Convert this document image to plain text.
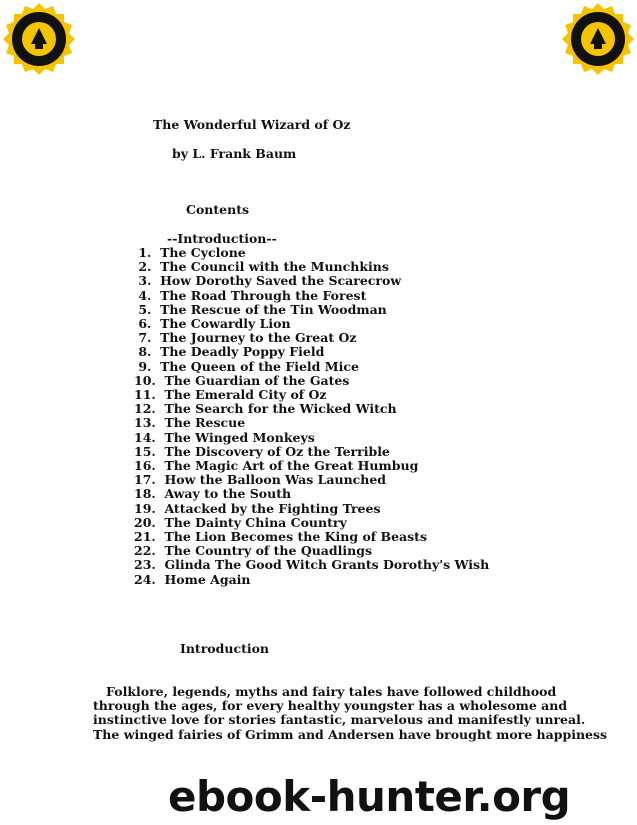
The Wonderful Wizard of Oz
by L. Frank Baum
Contents
--Introduction--
1.  The Cyclone
2.  The Council with the Munchkins
3.  How Dorothy Saved the Scarecrow
4.  The Road Through the Forest
5.  The Rescue of the Tin Woodman
6.  The Cowardly Lion
7.  The Journey to the Great Oz
8.  The Deadly Poppy Field
9.  The Queen of the Field Mice
10.  The Guardian of the Gates
11.  The Emerald City of Oz
12.  The Search for the Wicked Witch
13.  The Rescue
14.  The Winged Monkeys
15.  The Discovery of Oz the Terrible
16.  The Magic Art of the Great Humbug
17.  How the Balloon Was Launched
18.  Away to the South
19.  Attacked by the Fighting Trees
20.  The Dainty China Country
21.  The Lion Becomes the King of Beasts
22.  The Country of the Quadlings
23.  Glinda The Good Witch Grants Dorothy's Wish
24.  Home Again
Introduction

Folklore, legends, myths and fairy tales have followed childhood
through the ages, for every healthy youngster has a wholesome and
instinctive love for stories fantastic, marvelous and manifestly unreal.
The winged fairies of Grimm and Andersen have brought more happiness

ebook-hunter.org
